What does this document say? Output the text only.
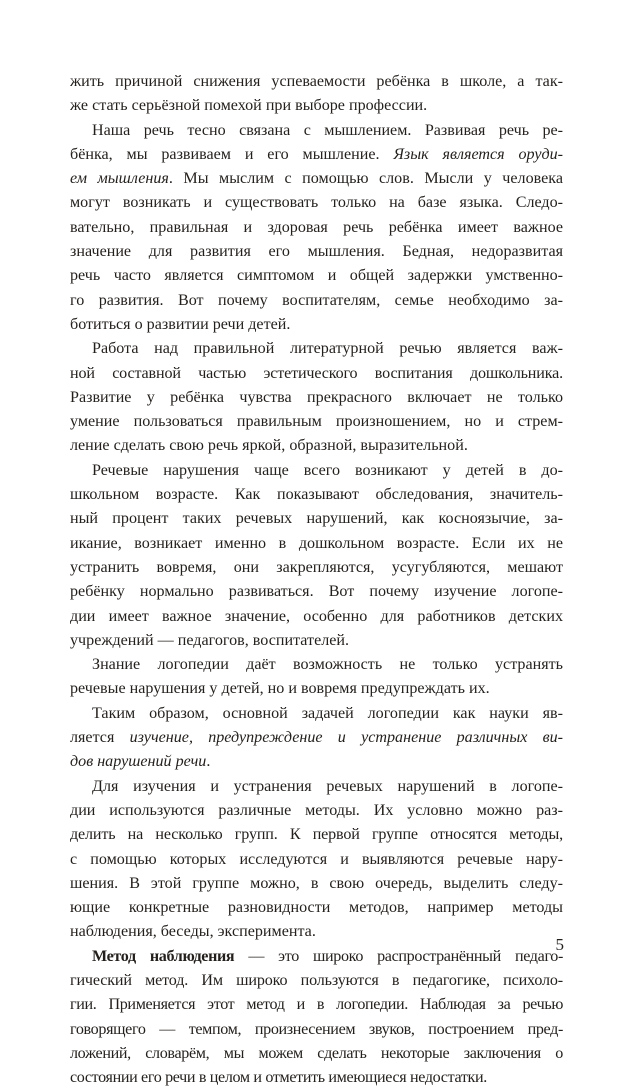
жить причиной снижения успеваемости ребёнка в школе, а так-
же стать серьёзной помехой при выборе профессии.
Наша речь тесно связана с мышлением. Развивая речь ре-
бёнка, мы развиваем и его мышление. Язык является оруди-
ем мышления. Мы мыслим с помощью слов. Мысли у человека
могут возникать и существовать только на базе языка. Следо-
вательно, правильная и здоровая речь ребёнка имеет важное
значение для развития его мышления. Бедная, недоразвитая
речь часто является симптомом и общей задержки умственно-
го развития. Вот почему воспитателям, семье необходимо за-
ботиться о развитии речи детей.
Работа над правильной литературной речью является важ-
ной составной частью эстетического воспитания дошкольника.
Развитие у ребёнка чувства прекрасного включает не только
умение пользоваться правильным произношением, но и стрем-
ление сделать свою речь яркой, образной, выразительной.
Речевые нарушения чаще всего возникают у детей в до-
школьном возрасте. Как показывают обследования, значитель-
ный процент таких речевых нарушений, как косноязычие, за-
икание, возникает именно в дошкольном возрасте. Если их не
устранить вовремя, они закрепляются, усугубляются, мешают
ребёнку нормально развиваться. Вот почему изучение логопе-
дии имеет важное значение, особенно для работников детских
учреждений — педагогов, воспитателей.
Знание логопедии даёт возможность не только устранять
речевые нарушения у детей, но и вовремя предупреждать их.
Таким образом, основной задачей логопедии как науки яв-
ляется изучение, предупреждение и устранение различных ви-
дов нарушений речи.
Для изучения и устранения речевых нарушений в логопе-
дии используются различные методы. Их условно можно раз-
делить на несколько групп. К первой группе относятся методы,
с помощью которых исследуются и выявляются речевые нару-
шения. В этой группе можно, в свою очередь, выделить следу-
ющие конкретные разновидности методов, например методы
наблюдения, беседы, эксперимента.
Метод наблюдения — это широко распространённый педаго-
гический метод. Им широко пользуются в педагогике, психоло-
гии. Применяется этот метод и в логопедии. Наблюдая за речью
говорящего — темпом, произнесением звуков, построением пред-
ложений, словарём, мы можем сделать некоторые заключения о
состоянии его речи в целом и отметить имеющиеся недостатки.
5
